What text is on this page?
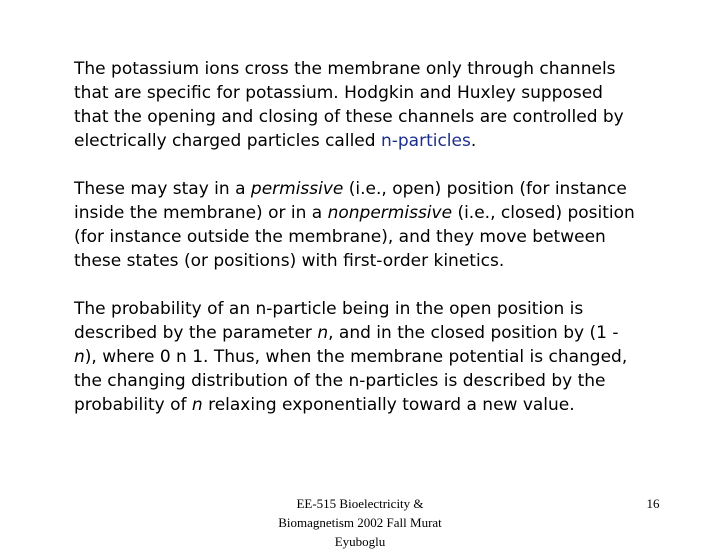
The potassium ions cross the membrane only through channels
that are specific for potassium. Hodgkin and Huxley supposed
that the opening and closing of these channels are controlled by
electrically charged particles called n-particles.

These may stay in a permissive (i.e., open) position (for instance
inside the membrane) or in a nonpermissive (i.e., closed) position
(for instance outside the membrane), and they move between
these states (or positions) with first-order kinetics.

The probability of an n-particle being in the open position is
described by the parameter n, and in the closed position by (1 -
n), where 0 n 1. Thus, when the membrane potential is changed,
the changing distribution of the n-particles is described by the
probability of n relaxing exponentially toward a new value.

EE-515 Bioelectricity &
Biomagnetism 2002 Fall Murat
Eyuboglu
16
